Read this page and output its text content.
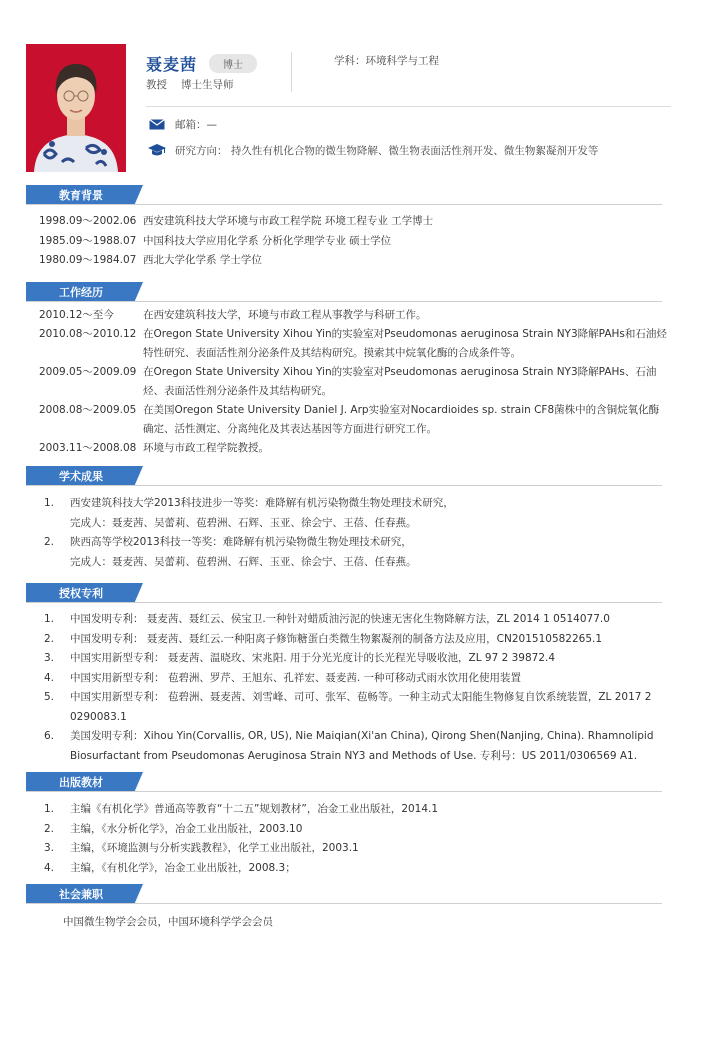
聂麦茜	博士
教授 博士生导师
学科：环境科学与工程
邮箱：—
研究方向： 持久性有机化合物的微生物降解、微生物表面活性剂开发、微生物絮凝剂开发等
教育背景
1998.09～2002.06 西安建筑科技大学环境与市政工程学院 环境工程专业 工学博士
1985.09～1988.07 中国科技大学应用化学系 分析化学理学专业 硕士学位
1980.09～1984.07 西北大学化学系 学士学位
工作经历
2010.12～至今	在西安建筑科技大学，环境与市政工程从事教学与科研工作。
2010.08～2010.12 在Oregon State University Xihou Yin的实验室对Pseudomonas aeruginosa Strain NY3降解PAHs和石油烃特性研究、表面活性剂分泌条件及其结构研究。摸索其中烷氧化酶的合成条件等。
2009.05～2009.09 在Oregon State University Xihou Yin的实验室对Pseudomonas aeruginosa Strain NY3降解PAHs、石油烃、表面活性剂分泌条件及其结构研究。
2008.08～2009.05 在美国Oregon State University Daniel J. Arp实验室对Nocardioides sp. strain CF8菌株中的含铜烷氧化酶确定、活性测定、分离纯化及其表达基因等方面进行研究工作。
2003.11～2008.08 环境与市政工程学院教授。
学术成果
1.	西安建筑科技大学2013科技进步一等奖：难降解有机污染物微生物处理技术研究，
完成人：聂麦茜、吴蕾莉、苞碧洲、石辉、玉亚、徐会宁、王蓓、任春燕。
2.	陕西高等学校2013科技一等奖：难降解有机污染物微生物处理技术研究，
完成人：聂麦茜、吴蕾莉、苞碧洲、石辉、玉亚、徐会宁、王蓓、任春燕。
授权专利
1.	中国发明专利： 聂麦茜、聂红云、侯宝卫.一种针对蜡质油污泥的快速无害化生物降解方法，ZL 2014 1 0514077.0
2.	中国发明专利： 聂麦茜、聂红云.一种阳离子修饰糖蛋白类微生物絮凝剂的制备方法及应用，CN201510582265.1
3.	中国实用新型专利： 聂麦茜、温晓玫、宋兆阳. 用于分光光度计的长光程光导吸收池，ZL 97 2 39872.4
4.	中国实用新型专利： 苞碧洲、罗芹、王旭东、孔祥宏、聂麦茜. 一种可移动式雨水饮用化使用装置
5.	中国实用新型专利： 苞碧洲、聂麦茜、刘雪峰、司可、张军、苞畅等。一种主动式太阳能生物修复自饮系统装置，ZL 2017 2 0290083.1
6.	美国发明专利：Xihou Yin(Corvallis, OR, US), Nie Maiqian(Xi'an China), Qirong Shen(Nanjing, China). Rhamnolipid Biosurfactant from Pseudomonas Aeruginosa Strain NY3 and Methods of Use. 专利号：US 2011/0306569 A1.
出版教材
1.	主编《有机化学》普通高等教育“十二五”规划教材”，冶金工业出版社，2014.1
2.	主编，《水分析化学》，冶金工业出版社，2003.10
3.	主编，《环境监测与分析实践教程》，化学工业出版社，2003.1
4.	主编，《有机化学》，冶金工业出版社，2008.3；
社会兼职
中国微生物学会会员，中国环境科学学会会员
